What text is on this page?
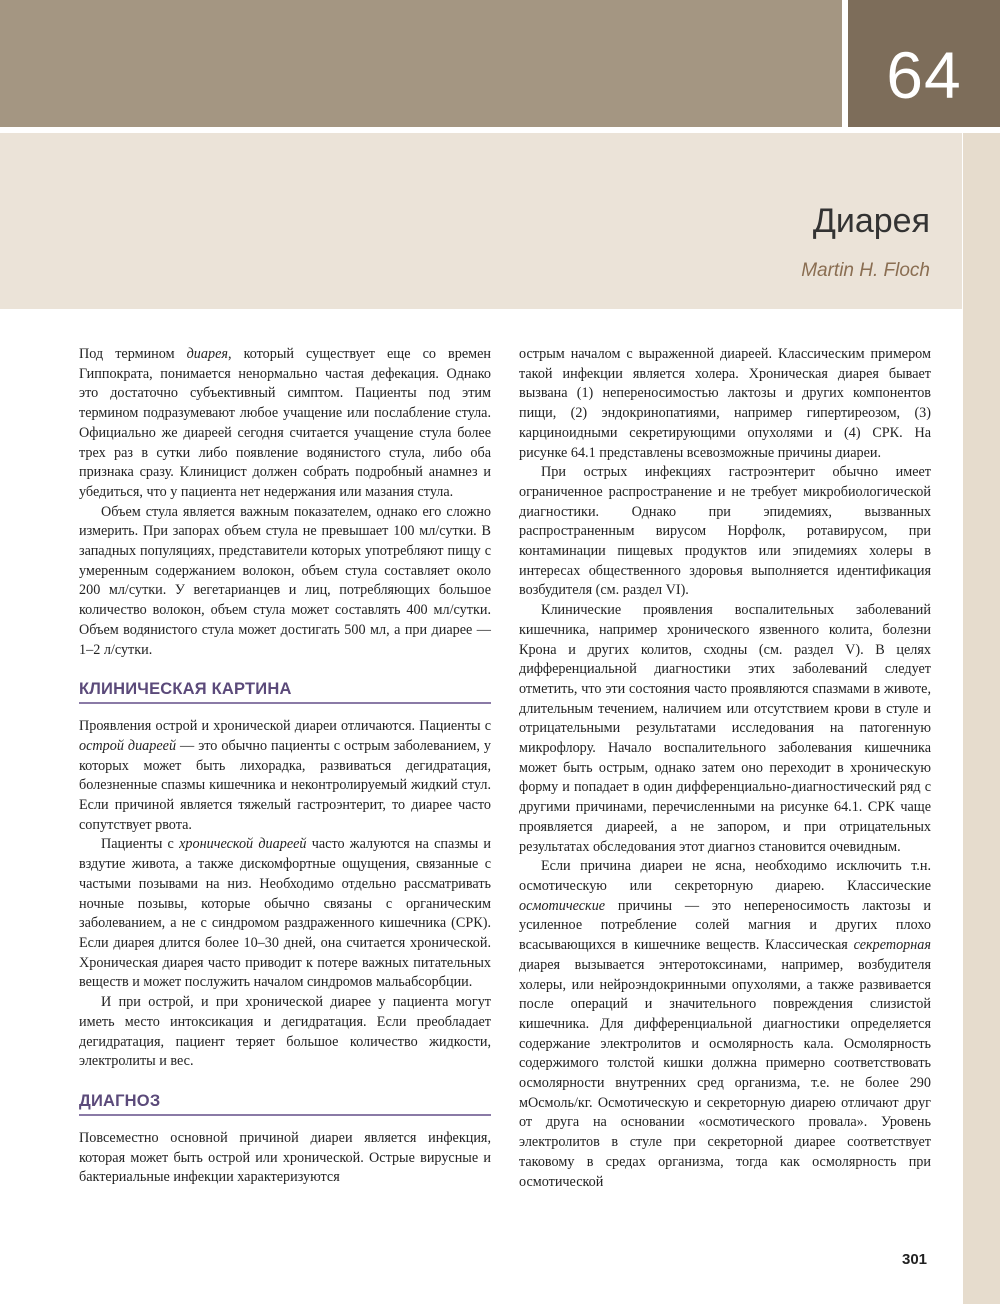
64
Диарея
Martin H. Floch

Под термином диарея, который существует еще со времен Гиппократа, понимается ненормально частая дефекация. Однако это достаточно субъективный симптом. Пациенты под этим термином подразумевают любое учащение или послабление стула. Официально же диареей сегодня считается учащение стула более трех раз в сутки либо появление водянистого стула, либо оба признака сразу. Клиницист должен собрать подробный анамнез и убедиться, что у пациента нет недержания или мазания стула.

Объем стула является важным показателем, однако его сложно измерить. При запорах объем стула не превышает 100 мл/сутки. В западных популяциях, представители которых употребляют пищу с умеренным содержанием волокон, объем стула составляет около 200 мл/сутки. У вегетарианцев и лиц, потребляющих большое количество волокон, объем стула может составлять 400 мл/сутки. Объем водянистого стула может достигать 500 мл, а при диарее — 1–2 л/сутки.

КЛИНИЧЕСКАЯ КАРТИНА

Проявления острой и хронической диареи отличаются. Пациенты с острой диареей — это обычно пациенты с острым заболеванием, у которых может быть лихорадка, развиваться дегидратация, болезненные спазмы кишечника и неконтролируемый жидкий стул. Если причиной является тяжелый гастроэнтерит, то диарее часто сопутствует рвота.

Пациенты с хронической диареей часто жалуются на спазмы и вздутие живота, а также дискомфортные ощущения, связанные с частыми позывами на низ. Необходимо отдельно рассматривать ночные позывы, которые обычно связаны с органическим заболеванием, а не с синдромом раздраженного кишечника (СРК). Если диарея длится более 10–30 дней, она считается хронической. Хроническая диарея часто приводит к потере важных питательных веществ и может послужить началом синдромов мальабсорбции.

И при острой, и при хронической диарее у пациента могут иметь место интоксикация и дегидратация. Если преобладает дегидратация, пациент теряет большое количество жидкости, электролиты и вес.

ДИАГНОЗ

Повсеместно основной причиной диареи является инфекция, которая может быть острой или хронической. Острые вирусные и бактериальные инфекции характеризуются

острым началом с выраженной диареей. Классическим примером такой инфекции является холера. Хроническая диарея бывает вызвана (1) непереносимостью лактозы и других компонентов пищи, (2) эндокринопатиями, например гипертиреозом, (3) карциноидными секретирующими опухолями и (4) СРК. На рисунке 64.1 представлены всевозможные причины диареи.

При острых инфекциях гастроэнтерит обычно имеет ограниченное распространение и не требует микробиологической диагностики. Однако при эпидемиях, вызванных распространенным вирусом Норфолк, ротавирусом, при контаминации пищевых продуктов или эпидемиях холеры в интересах общественного здоровья выполняется идентификация возбудителя (см. раздел VI).

Клинические проявления воспалительных заболеваний кишечника, например хронического язвенного колита, болезни Крона и других колитов, сходны (см. раздел V). В целях дифференциальной диагностики этих заболеваний следует отметить, что эти состояния часто проявляются спазмами в животе, длительным течением, наличием или отсутствием крови в стуле и отрицательными результатами исследования на патогенную микрофлору. Начало воспалительного заболевания кишечника может быть острым, однако затем оно переходит в хроническую форму и попадает в один дифференциально-диагностический ряд с другими причинами, перечисленными на рисунке 64.1. СРК чаще проявляется диареей, а не запором, и при отрицательных результатах обследования этот диагноз становится очевидным.

Если причина диареи не ясна, необходимо исключить т.н. осмотическую или секреторную диарею. Классические осмотические причины — это непереносимость лактозы и усиленное потребление солей магния и других плохо всасывающихся в кишечнике веществ. Классическая секреторная диарея вызывается энтеротоксинами, например, возбудителя холеры, или нейроэндокринными опухолями, а также развивается после операций и значительного повреждения слизистой кишечника. Для дифференциальной диагностики определяется содержание электролитов и осмолярность кала. Осмолярность содержимого толстой кишки должна примерно соответствовать осмолярности внутренних сред организма, т.е. не более 290 мОсмоль/кг. Осмотическую и секреторную диарею отличают друг от друга на основании «осмотического провала». Уровень электролитов в стуле при секреторной диарее соответствует таковому в средах организма, тогда как осмолярность при осмотической

301
